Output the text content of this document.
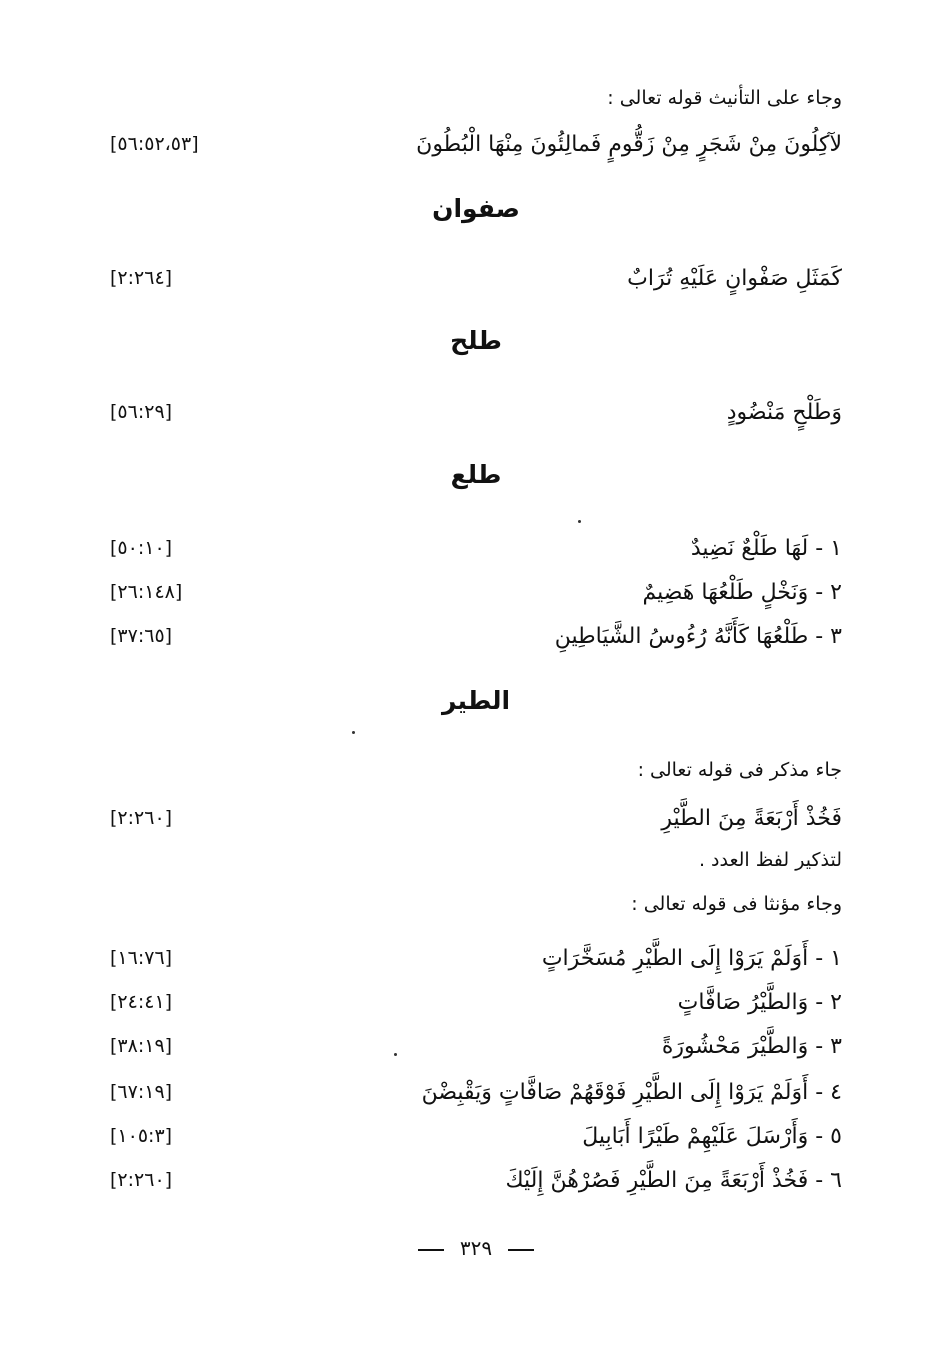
وجاء على التأنيث قوله تعالى :
[٥٦:٥٢،٥٣]	لآكِلُونَ مِنْ شَجَرٍ مِنْ زَقُّومٍ فَمالِئُونَ مِنْهَا الْبُطُونَ
صفوان
[٢:٢٦٤]	كَمَثَلِ صَفْوانٍ عَلَيْهِ تُرَابٌ
طلح
[٥٦:٢٩]	وَطَلْحٍ مَنْضُودٍ
طلع
[٥٠:١٠]	١ - لَهَا طَلْعٌ نَضِيدٌ
[٢٦:١٤٨]	٢ - وَنَخْلٍ طَلْعُهَا هَضِيمٌ
[٣٧:٦٥]	٣ - طَلْعُهَا كَأَنَّهُ رُءُوسُ الشَّيَاطِينِ
الطير
جاء مذكر فى قوله تعالى :
[٢:٢٦٠]	فَخُذْ أَرْبَعَةً مِنَ الطَّيْرِ
لتذكير لفظ العدد .
وجاء مؤنثا فى قوله تعالى :
[١٦:٧٦]	١ - أَوَلَمْ يَرَوْا إِلَى الطَّيْرِ مُسَخَّرَاتٍ
[٢٤:٤١]	٢ - وَالطَّيْرُ صَافَّاتٍ
[٣٨:١٩]	٣ - وَالطَّيْرَ مَحْشُورَةً
[٦٧:١٩]	٤ - أَوَلَمْ يَرَوْا إِلَى الطَّيْرِ فَوْقَهُمْ صَافَّاتٍ وَيَقْبِضْنَ
[١٠٥:٣]	٥ - وَأَرْسَلَ عَلَيْهِمْ طَيْرًا أَبَابِيلَ
[٢:٢٦٠]	٦ - فَخُذْ أَرْبَعَةً مِنَ الطَّيْرِ فَصُرْهُنَّ إِلَيْكَ
٣٢٩
